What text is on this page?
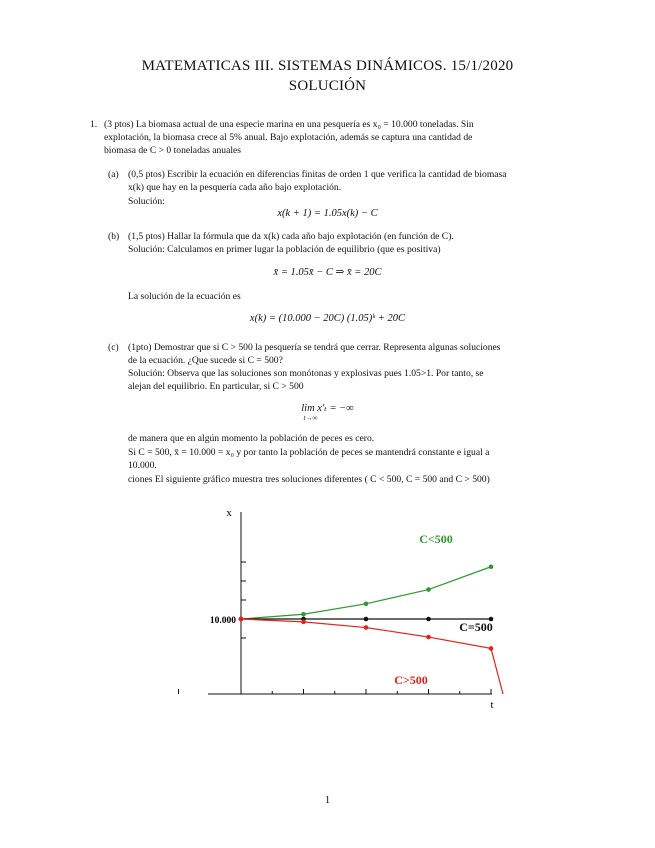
MATEMATICAS III. SISTEMAS DINÁMICOS. 15/1/2020
SOLUCIÓN
1. (3 ptos) La biomasa actual de una especie marina en una pesquería es x₀ = 10.000 toneladas. Sin
explotación, la biomasa crece al 5% anual. Bajo explotación, además se captura una cantidad de
biomasa de C > 0 toneladas anuales
(a) (0,5 ptos) Escribir la ecuación en diferencias finitas de orden 1 que verifica la cantidad de biomasa
x(k) que hay en la pesquería cada año bajo explotación.
Solución:
x(k + 1) = 1.05x(k) − C
(b) (1,5 ptos) Hallar la fórmula que da x(k) cada año bajo explotación (en función de C).
Solución: Calculamos en primer lugar la población de equilibrio (que es positiva)
x̄ = 1.05x̄ − C ⇒ x̄ = 20C
La solución de la ecuación es
x(k) = (10.000 − 20C) (1.05)ᵏ + 20C
(c) (1pto) Demostrar que si C > 500 la pesquería se tendrá que cerrar. Representa algunas soluciones
de la ecuación. ¿Que sucede si C = 500?
Solución: Observa que las soluciones son monótonas y explosivas pues 1.05>1. Por tanto, se
alejan del equilibrio. En particular, si C > 500
lim x′ₜ = −∞
t→∞
de manera que en algún momento la población de peces es cero.
Si C = 500, x̄ = 10.000 = x₀ y por tanto la población de peces se mantendrá constante e igual a
10.000.
ciones El siguiente gráfico muestra tres soluciones diferentes ( C < 500, C = 500 and C > 500)
t
x
10.000
C<500
C=500
C>500
1
